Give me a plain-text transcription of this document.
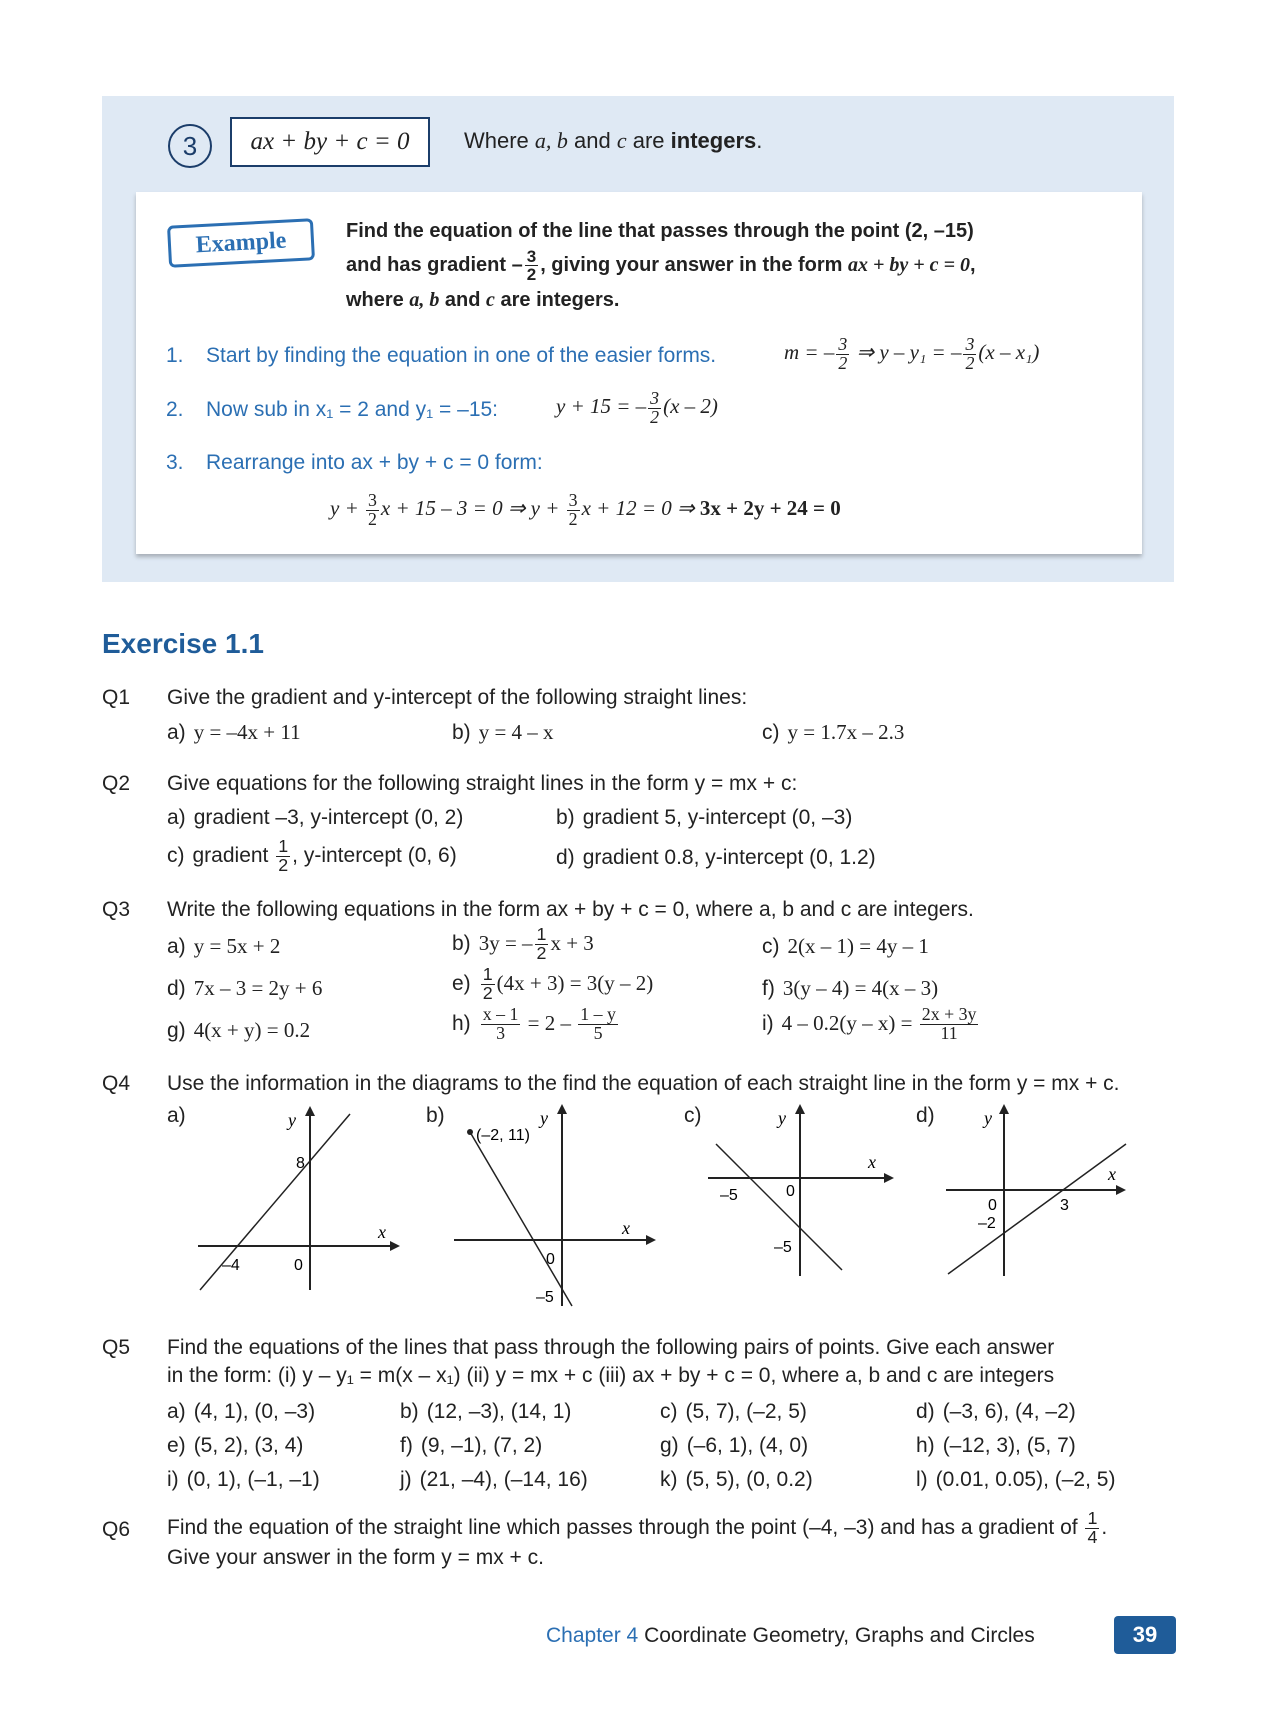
3	ax + by + c = 0	Where a, b and c are integers.
Example	Find the equation of the line that passes through the point (2, –15)
and has gradient – $\frac{3}{2}$ , giving your answer in the form ax + by + c = 0,
where a, b and c are integers.
1. Start by finding the equation in one of the easier forms.	m = – $\frac{3}{2}$ ⇒ y – y₁ = – $\frac{3}{2} (x - x_1)$
2. Now sub in x₁ = 2 and y₁ = –15:	y + 15 = – $\frac{3}{2} (x - 2)$
3. Rearrange into ax + by + c = 0 form:
$y + \frac{3}{2}$ x + 15 – 3 = 0 ⇒ $y + \frac{3}{2}$ x + 12 = 0 ⇒ 3x + 2y + 24 = 0
Exercise 1.1
Q1 Give the gradient and y-intercept of the following straight lines:
a) y = –4x + 11	b) y = 4 – x	c) y = 1.7x – 2.3
Q2 Give equations for the following straight lines in the form y = mx + c:
a) gradient –3, y-intercept (0, 2)	b) gradient 5, y-intercept (0, –3)
c) gradient $\frac{1}{2}$ , y-intercept (0, 6)	d) gradient 0.8, y-intercept (0, 1.2)
Q3 Write the following equations in the form ax + by + c = 0, where a, b and c are integers.
a) y = 5x + 2	b) 3y = – $\frac{1}{2}$ x + 3	c) 2(x – 1) = 4y – 1
d) 7x – 3 = 2y + 6	$e) \frac{1}{2} (4x + 3) = 3(y - 2)$	f) 3(y – 4) = 4(x – 3)
g) 4(x + y) = 0.2	$h) \frac{x - 1}{3} = 2 - \frac{1 - y}{5}$	i) $4 - 0.2(y - x) = \frac{2x + 3y}{11}$
Q4 Use the information in the diagrams to the find the equation of each straight line in the form y = mx + c.
a)	y
x
0
8
–4
b)	y
x
0
(–2, 11)
–5
c)	y
x
0
–5
–5
d)	y
x
0	3
–2
Q5 Find the equations of the lines that pass through the following pairs of points. Give each answer
in the form: (i) y – y₁ = m(x – x₁) (ii) y = mx + c (iii) ax + by + c = 0, where a, b and c are integers
a) (4, 1), (0, –3)	b) (12, –3), (14, 1)	c) (5, 7), (–2, 5)	d) (–3, 6), (4, –2)
e) (5, 2), (3, 4)	f) (9, –1), (7, 2)	g) (–6, 1), (4, 0)	h) (–12, 3), (5, 7)
i) (0, 1), (–1, –1)	j) (21, –4), (–14, 16)	k) (5, 5), (0, 0.2)	l) (0.01, 0.05), (–2, 5)
Q6 Find the equation of the straight line which passes through the point (–4, –3) and has a gradient of $\frac{1}{4}$ .
Give your answer in the form y = mx + c.
Chapter 4 Coordinate Geometry, Graphs and Circles	39
